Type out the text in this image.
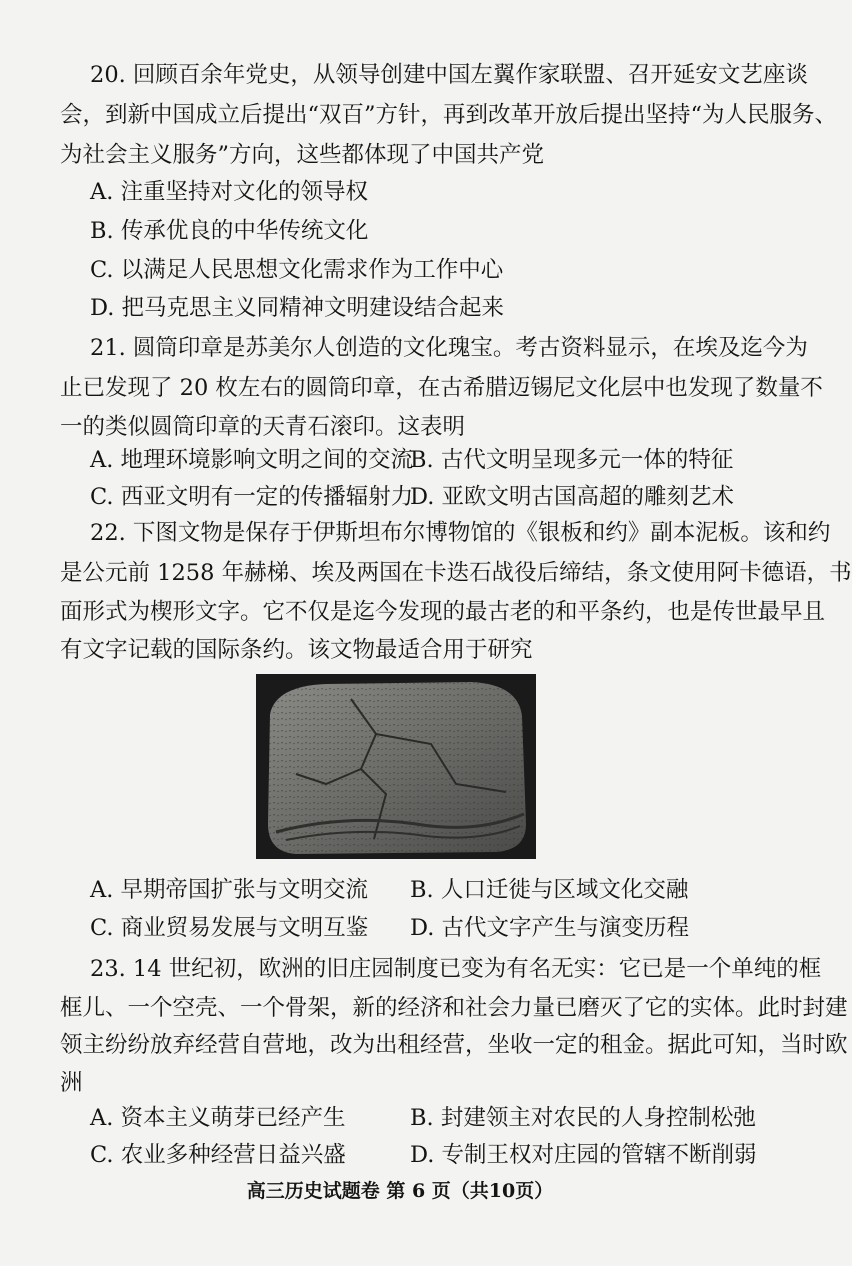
20. 回顾百余年党史，从领导创建中国左翼作家联盟、召开延安文艺座谈
会，到新中国成立后提出“双百”方针，再到改革开放后提出坚持“为人民服务、
为社会主义服务”方向，这些都体现了中国共产党
A. 注重坚持对文化的领导权
B. 传承优良的中华传统文化
C. 以满足人民思想文化需求作为工作中心
D. 把马克思主义同精神文明建设结合起来
21. 圆筒印章是苏美尔人创造的文化瑰宝。考古资料显示，在埃及迄今为
止已发现了 20 枚左右的圆筒印章，在古希腊迈锡尼文化层中也发现了数量不
一的类似圆筒印章的天青石滚印。这表明
A. 地理环境影响文明之间的交流
B. 古代文明呈现多元一体的特征
C. 西亚文明有一定的传播辐射力
D. 亚欧文明古国高超的雕刻艺术
22. 下图文物是保存于伊斯坦布尔博物馆的《银板和约》副本泥板。该和约
是公元前 1258 年赫梯、埃及两国在卡迭石战役后缔结，条文使用阿卡德语，书
面形式为楔形文字。它不仅是迄今发现的最古老的和平条约，也是传世最早且
有文字记载的国际条约。该文物最适合用于研究
A. 早期帝国扩张与文明交流 B. 人口迁徙与区域文化交融
C. 商业贸易发展与文明互鉴 D. 古代文字产生与演变历程
23. 14 世纪初，欧洲的旧庄园制度已变为有名无实：它已是一个单纯的框
框儿、一个空壳、一个骨架，新的经济和社会力量已磨灭了它的实体。此时封建
领主纷纷放弃经营自营地，改为出租经营，坐收一定的租金。据此可知，当时欧
洲
A. 资本主义萌芽已经产生	B. 封建领主对农民的人身控制松弛
C. 农业多种经营日益兴盛	D. 专制王权对庄园的管辖不断削弱
高三历史试题卷 第 6 页（共10页）
